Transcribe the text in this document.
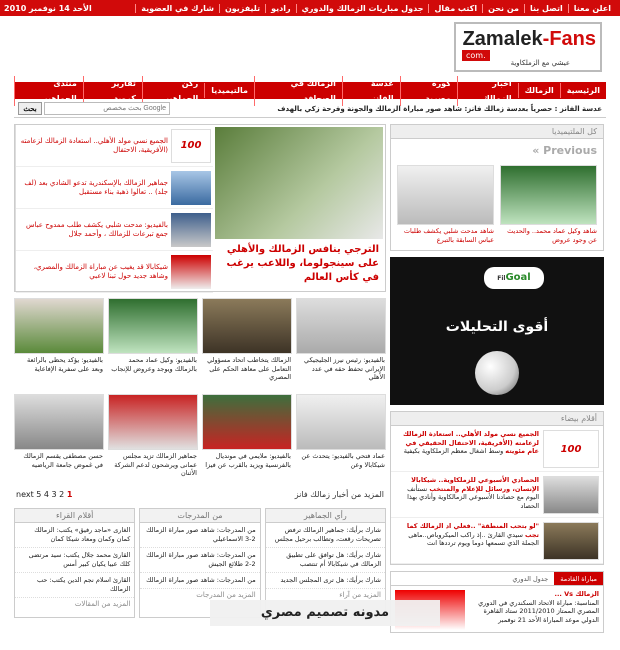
اعلن معنا
اتصل بنا
من نحن
اكتب مقال
جدول مباريات الزمالك والدوري
راديو
تليفزيون
شارك في العضوية
الأحد 14 نوفمبر 2010
Zamalek-Fans
.com
عيشي مع الزملكاوية
الرئيسية
الزمالك
أخبار الزمالك
كورة مصرية
عدسة الفانز
الزمالك في الصحافة
مالتيميديا
ركن الجماهير
تقارير كروية
منتدى الجماهير
عدسة الفانز : حصرياً بعدسة زمالك فانز: شاهد صور مباراة الزمالك والجونة وفرحة زكي بالهدف
بحث
Google بحث مخصص
الترجي ينافس الزمالك والأهلي على سينجولوما، واللاعب يرغب في كأس العالم
100
الجميع نسي مولد الأهلي.. استعادة الزمالك لزعامته (الأفريقية، الاحتفال
جماهير الزمالك بالإسكندرية تدعو الشادي بعد (لف جلد) .. تعالوا ذهبة بناء مستقبل
بالفيديو: مدحت شلبي يكشف طلب ممدوح عباس جمع تبرعات للزمالك ، وأحمد جلال
شيكابالا قد يغيب عن مباراة الزمالك والمصري، وشاهد جديد حول تبنا لاعبي
بالفيديو: رئيس نيرز الجليجيكي الإيراني تحفظ حقه في عدد الأهلي
الزمالك يتخاطب اتحاد مسؤولي التعامل على معاهد الحكم على المصري
بالفيديو: وكيل عماد محمد بالزمالك ويوجد وعروض للإنجاب
بالفيديو: يؤكد يحظى بالرائعة وبعد على سفرية الإفاعاية
عماد فتحي بالفيديو: يتحدث عن شيكابالا وعن
بالفيديو: ملايمي في مونديال بالفرنسية ويزيد بالقرب عن فيزا
جماهير الزمالك تزيد مجلس عمانى ويرشحون لدعم الشركة الأثنان
حسن مصطفى يقسم الزمالك في غموض جامعة الرياضيه
المزيد من أخبار زمالك فانز
next 5 4 3 2 1
رأي الجماهير

شارك برأيك: جماهير الزمالك ترفض تصريحات رقعت، وتطالب برحيل مجلس

شارك برأيك: هل توافق على تطبيق الزمالك في شيكابالا أم تنتصب

شارك برأيك: هل ترى المجلس الجديد

المزيد من آراء
من المدرجات

من المدرجات: شاهد صور مباراة الزمالك 2-3 الاسماعيلي

من المدرجات: شاهد صور مباراة الزمالك 2-2 طلائع الجيش

من المدرجات: شاهد صور مباراة الزمالك

المزيد من المدرجات
أقلام القراء

الغارى «ماجد رفيق» يكتب: الزمالك كمان وكمان ومعاد شيكا كمان

القارئ محمد جلال يكتب: سيد مرتضى كلك عبيا يكيان كبير أمس

القارئ اسلام نجم الدين يكتب: حب الزمالك

المزيد من المقالات
كل الملتيميديا
« Previous
شاهد وكيل عماد محمد.. والحديث عن وجود عروض
شاهد مدحت شلبي يكشف طلبات عباس السابقة بالتبرع
FilGoal
أقوى التحليلات
أقلام بيضاء
100
الجميع نسي مولد الأهلي.. استعادة الزمالك لزعامته (الأفريقية، الاحتفال الحقيقي في عام مئويته وسط اشغال معظم الزملكاوية بكيفية
الحصادي الأسبوعي للزملكاوية.. شيكابالا الإنسان، ورسائل للإعلام والمنتخب نستأنف اليوم مع حصادنا الأسبوعي الزمالكاوية وأنادي بهذا الحصاد
"لو بتحب المنطقة" ..فعلي اد الزمالك كما تجب سيدي القارئ ..إذ راكب الميكروباص..ماهى الجملة الذي تسمعها دوما ويوم ترددها انت
مباراة القادمة
جدول الدوري
الزمالك Vs ...
المناسبة: مباراة الاتحاد السكندري في الدوري المصري الممتاز 2011/2010 ستاد القاهرة الدولي موعد المباراة الأحد 21 نوفمبر
مدونه تصميم مصري
